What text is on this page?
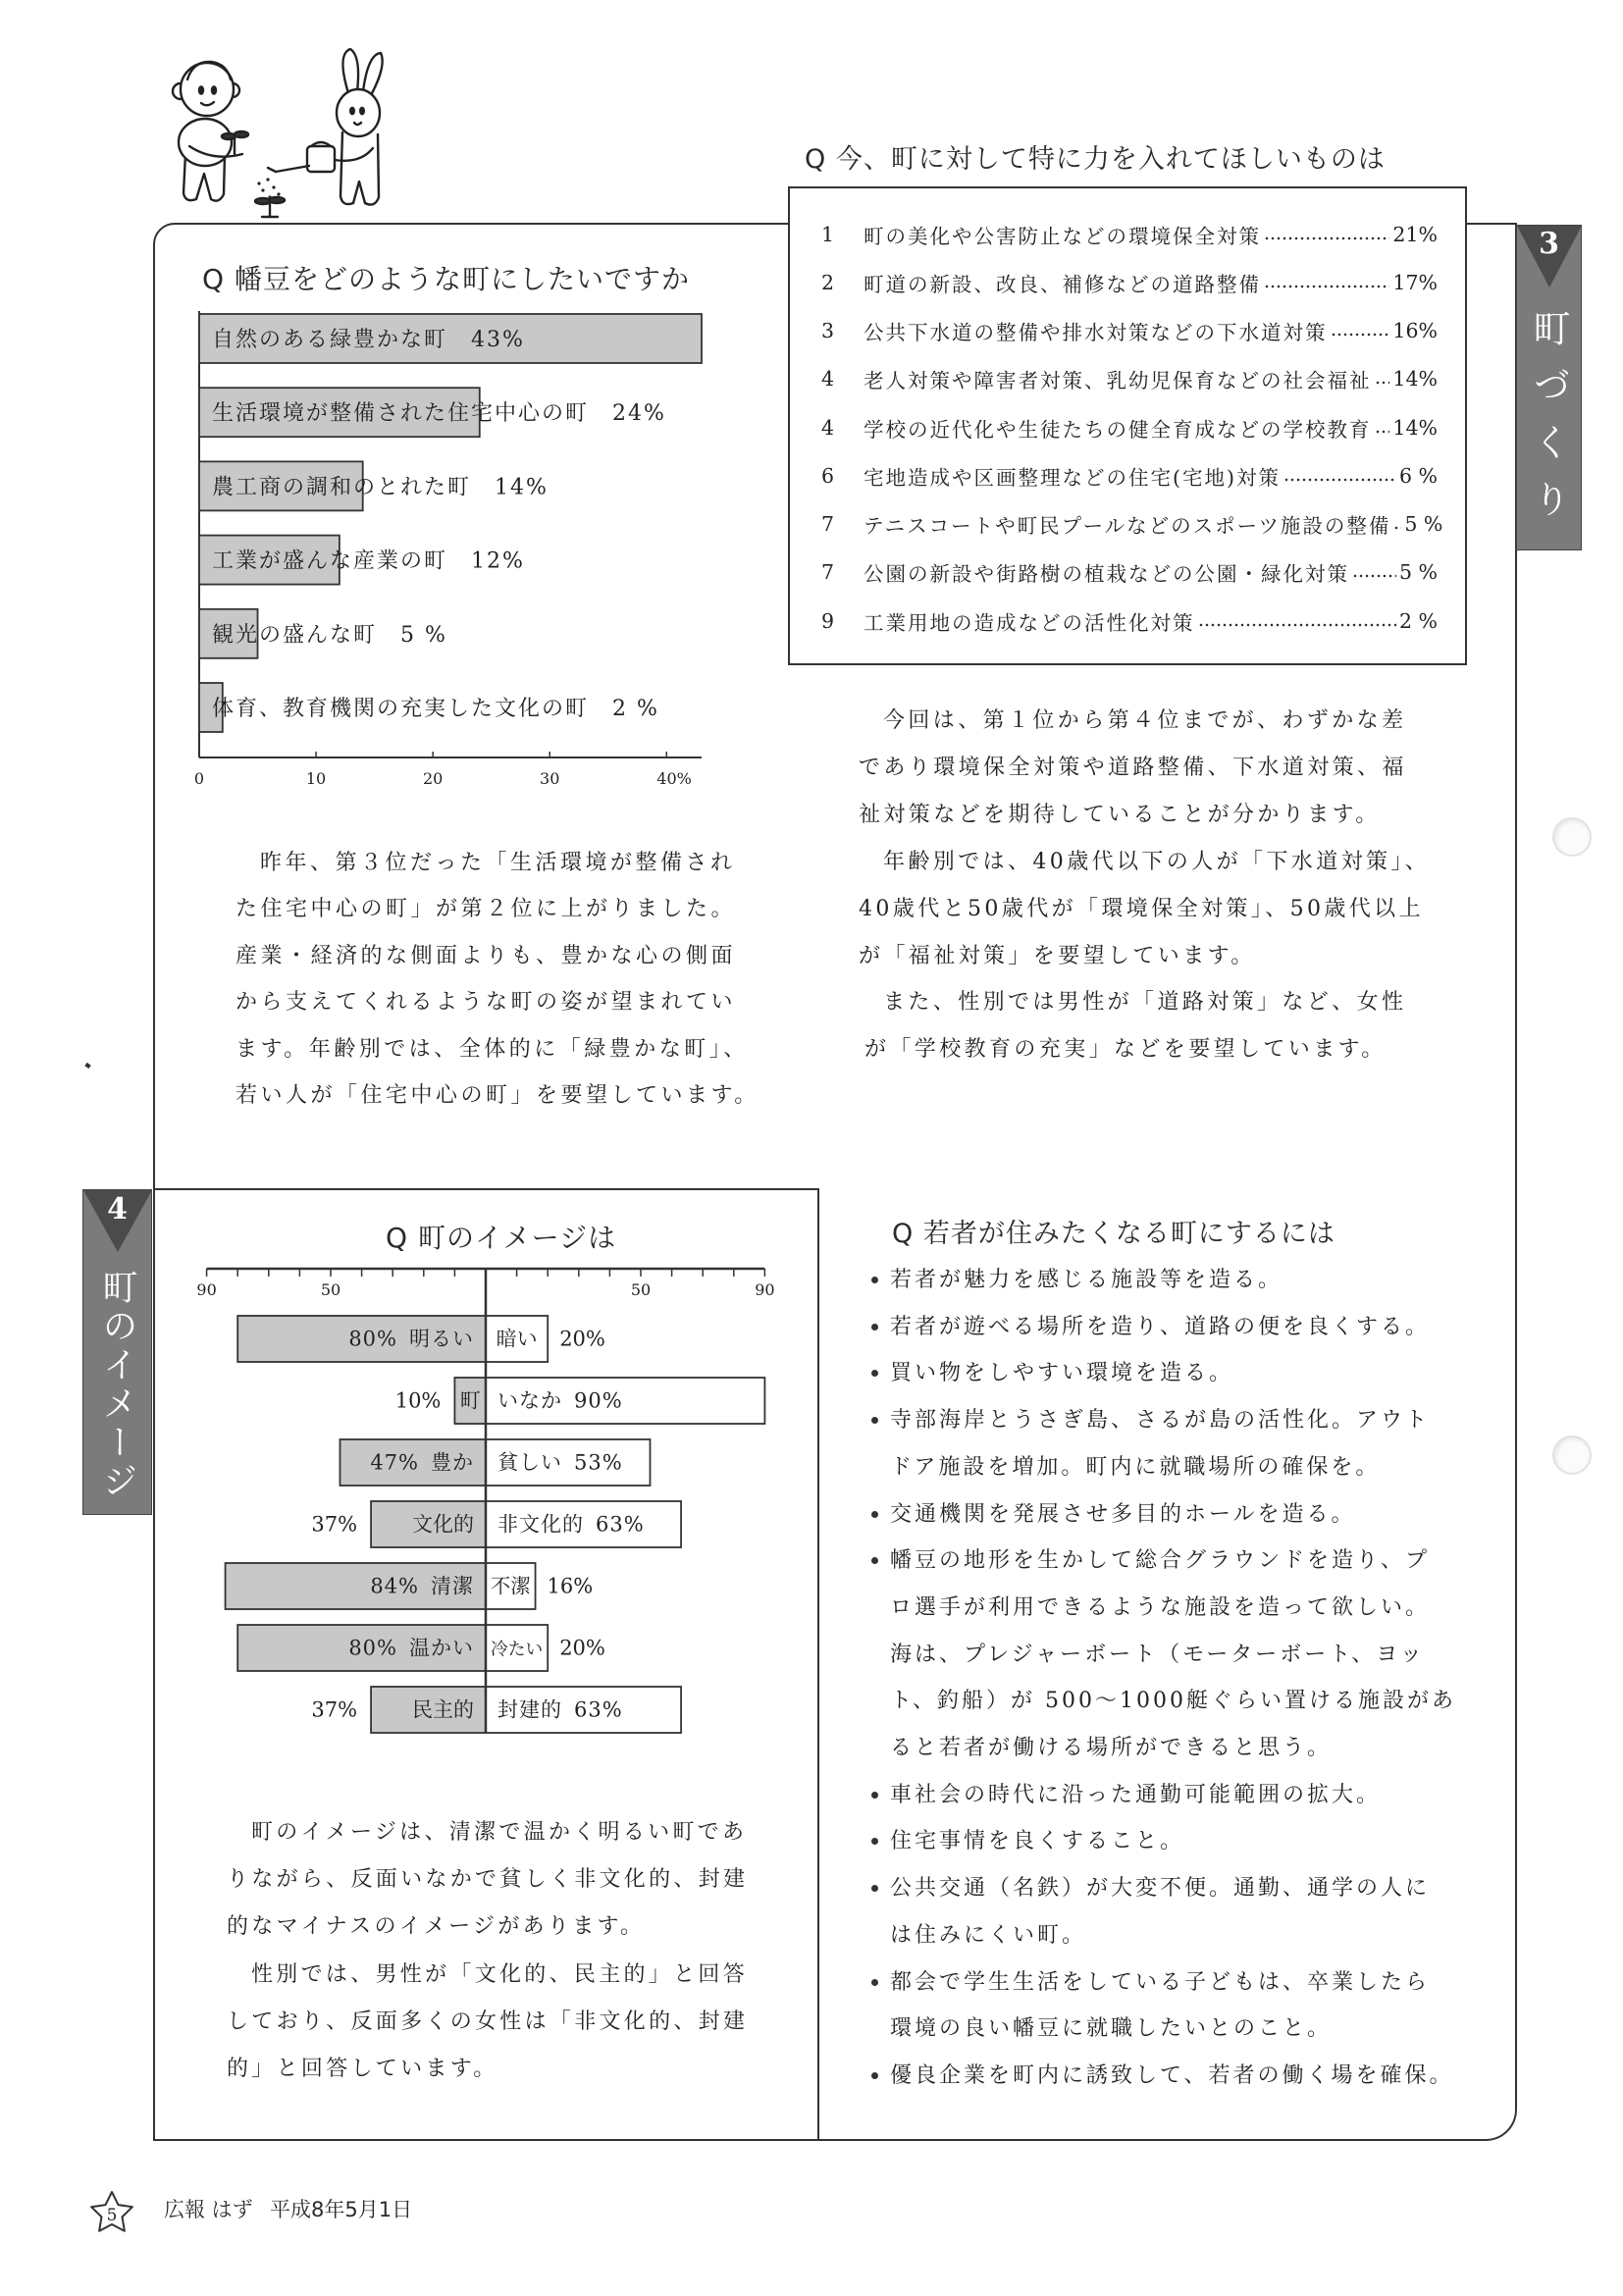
3
町づくり
4
町のイメージ
Q 幡豆をどのような町にしたいですか
0	10	20	30	40%
自然のある緑豊かな町 43%
生活環境が整備された住宅中心の町 24%
農工商の調和のとれた町 14%
工業が盛んな産業の町 12%
観光の盛んな町 5 %
体育、教育機関の充実した文化の町 2 %
昨年、第３位だった「生活環境が整備され
た住宅中心の町」が第２位に上がりました。
産業・経済的な側面よりも、豊かな心の側面
から支えてくれるような町の姿が望まれてい
ます。年齢別では、全体的に「緑豊かな町」、
若い人が「住宅中心の町」を要望しています。
Q 今、町に対して特に力を入れてほしいものは
1	町の美化や公害防止などの環境保全対策	21%
2	町道の新設、改良、補修などの道路整備	17%
3	公共下水道の整備や排水対策などの下水道対策	16%
4	老人対策や障害者対策、乳幼児保育などの社会福祉 14%
4	学校の近代化や生徒たちの健全育成などの学校教育 14%
6	宅地造成や区画整理などの住宅(宅地)対策	6 %
7	テニスコートや町民プールなどのスポーツ施設の整備 5 %
7	公園の新設や街路樹の植栽などの公園・緑化対策 5 %
9	工業用地の造成などの活性化対策	2 %
今回は、第１位から第４位までが、わずかな差
であり環境保全対策や道路整備、下水道対策、福
祉対策などを期待していることが分かります。
年齢別では、40歳代以下の人が「下水道対策」、
40歳代と50歳代が「環境保全対策」、50歳代以上
が「福祉対策」を要望しています。
また、性別では男性が「道路対策」など、女性
が「学校教育の充実」などを要望しています。
Q 町のイメージは
90	50	50	90
80% 明るい 暗い 20%
町
10%	いなか 90%
47% 豊か 貧しい 53%
文化的
37%	非文化的 63%
84% 清潔 不潔 16%
80% 温かい 冷たい 20%
民主的
37%	封建的 63%
町のイメージは、清潔で温かく明るい町であ
りながら、反面いなかで貧しく非文化的、封建
的なマイナスのイメージがあります。
性別では、男性が「文化的、民主的」と回答
しており、反面多くの女性は「非文化的、封建
的」と回答しています。
Q 若者が住みたくなる町にするには
若者が魅力を感じる施設等を造る。
若者が遊べる場所を造り、道路の便を良くする。
買い物をしやすい環境を造る。
寺部海岸とうさぎ島、さるが島の活性化。アウト
ドア施設を増加。町内に就職場所の確保を。
交通機関を発展させ多目的ホールを造る。
幡豆の地形を生かして総合グラウンドを造り、プ
ロ選手が利用できるような施設を造って欲しい。
海は、プレジャーボート（モーターボート、ヨッ
ト、釣船）が 500～1000艇ぐらい置ける施設があ
ると若者が働ける場所ができると思う。
車社会の時代に沿った通勤可能範囲の拡大。
住宅事情を良くすること。
公共交通（名鉄）が大変不便。通勤、通学の人に
は住みにくい町。
都会で学生生活をしている子どもは、卒業したら
環境の良い幡豆に就職したいとのこと。
優良企業を町内に誘致して、若者の働く場を確保。
5 広報 はず 平成8年5月1日
